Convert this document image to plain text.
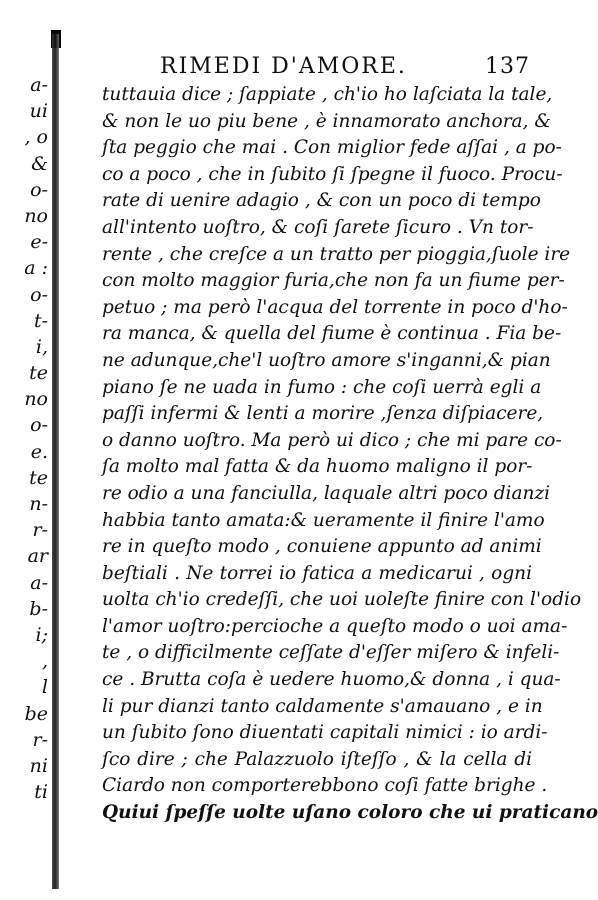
a-
ui
, o
&
o-
no
e-
a :
o-
t-
i,
te
no
o-
e.
te
n-
r-
ar
a-
b-
i;
,
l
be
r-
ni
ti
RIMEDI D'AMORE.	137
tuttauia dice ; ſappiate , ch'io ho laſciata la tale,
& non le uo piu bene , è innamorato anchora, &
ſta peggio che mai . Con miglior fede aſſai , a po-
co a poco , che in ſubito ſi ſpegne il fuoco. Procu-
rate di uenire adagio , & con un poco di tempo
all'intento uoſtro, & coſi ſarete ſicuro . Vn tor-
rente , che creſce a un tratto per pioggia,ſuole ire
con molto maggior furia,che non fa un fiume per-
petuo ; ma però l'acqua del torrente in poco d'ho-
ra manca, & quella del fiume è continua . Fia be-
ne adunque,che'l uoſtro amore s'inganni,& pian
piano ſe ne uada in fumo : che coſi uerrà egli a
paſſi infermi & lenti a morire ,ſenza diſpiacere,
o danno uoſtro. Ma però ui dico ; che mi pare co-
ſa molto mal fatta & da huomo maligno il por-
re odio a una fanciulla, laquale altri poco dianzi
habbia tanto amata:& ueramente il finire l'amo
re in queſto modo , conuiene appunto ad animi
beſtiali . Ne torrei io fatica a medicarui , ogni
uolta ch'io credeſſi, che uoi uoleſte finire con l'odio
l'amor uoſtro:percioche a queſto modo o uoi ama-
te , o difficilmente ceſſate d'eſſer miſero & infeli-
ce . Brutta coſa è uedere huomo,& donna , i qua-
li pur dianzi tanto caldamente s'amauano , e in
un ſubito ſono diuentati capitali nimici : io ardi-
ſco dire ; che Palazzuolo iſteſſo , & la cella di
Ciardo non comporterebbono coſi fatte brighe .
Quiui ſpeſſe uolte uſano coloro che ui praticano
